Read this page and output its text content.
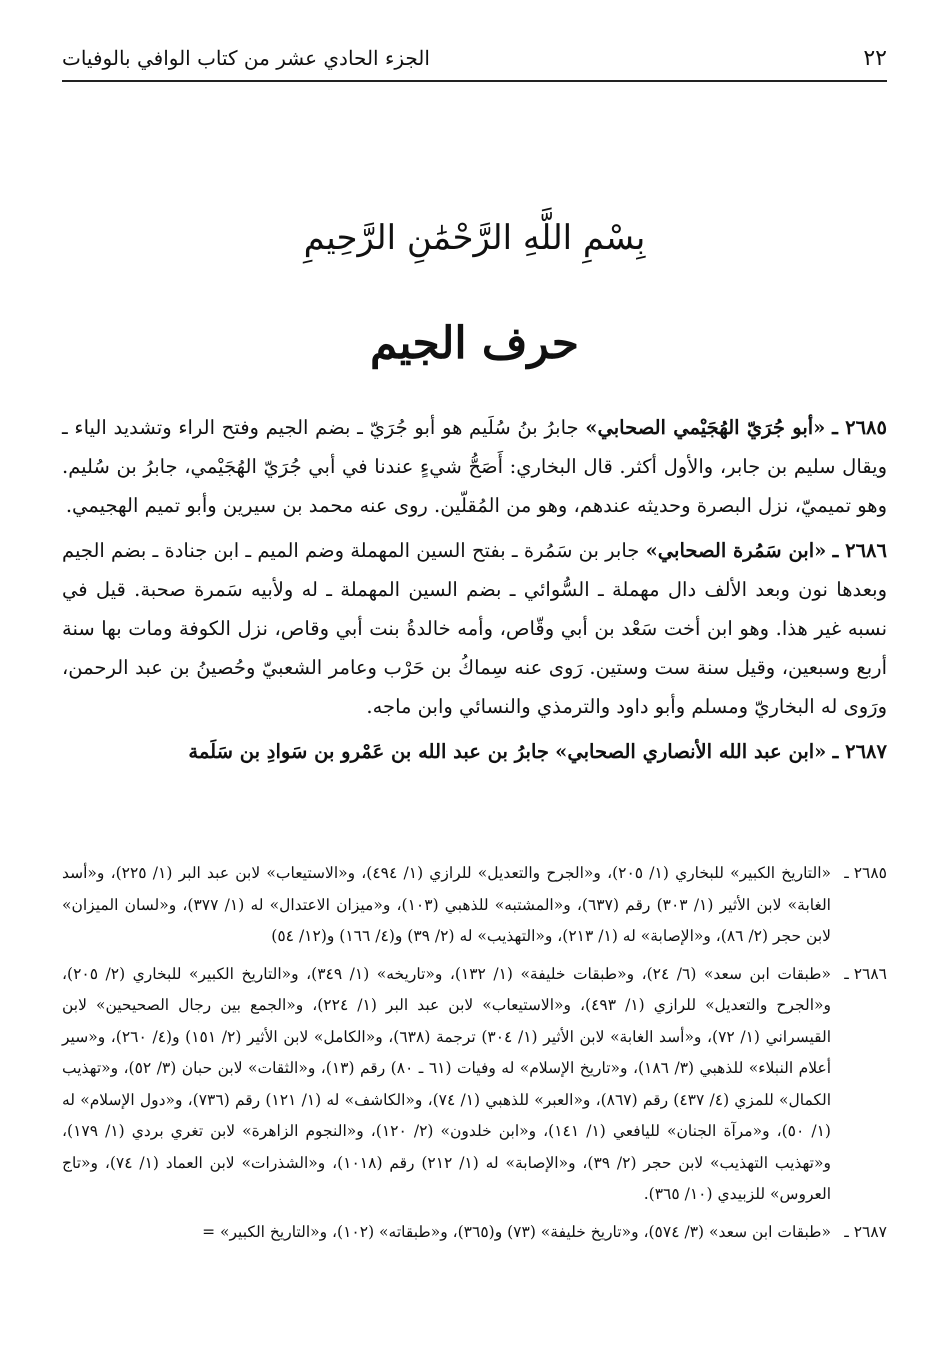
٢٢
الجزء الحادي عشر من كتاب الوافي بالوفيات
بِسْمِ اللَّهِ الرَّحْمَٰنِ الرَّحِيمِ
حرف الجيم

٢٦٨٥ ـ «أبو جُرَيّ الهُجَيْمي الصحابي» جابرُ بنُ سُلَيم هو أبو جُرَيّ ـ بضم الجيم وفتح الراء وتشديد الياء ـ ويقال سليم بن جابر، والأول أكثر. قال البخاري: أَصَحُّ شيءٍ عندنا في أبي جُرَيّ الهُجَيْمي، جابرُ بن سُليم. وهو تميميّ، نزل البصرة وحديثه عندهم، وهو من المُقلّين. روى عنه محمد بن سيرين وأبو تميم الهجيمي.

٢٦٨٦ ـ «ابن سَمُرة الصحابي» جابر بن سَمُرة ـ بفتح السين المهملة وضم الميم ـ ابن جنادة ـ بضم الجيم وبعدها نون وبعد الألف دال مهملة ـ السُّوائي ـ بضم السين المهملة ـ له ولأبيه سَمرة صحبة. قيل في نسبه غير هذا. وهو ابن أخت سَعْد بن أبي وقّاص، وأمه خالدةُ بنت أبي وقاص، نزل الكوفة ومات بها سنة أربع وسبعين، وقيل سنة ست وستين. رَوى عنه سِماكُ بن حَرْب وعامر الشعبيّ وحُصينُ بن عبد الرحمن، ورَوى له البخاريّ ومسلم وأبو داود والترمذي والنسائي وابن ماجه.

٢٦٨٧ ـ «ابن عبد الله الأنصاري الصحابي» جابرُ بن عبد الله بن عَمْرو بن سَوادِ بن سَلَمة

٢٦٨٥ ـ
«التاريخ الكبير» للبخاري (١/ ٢٠٥)، و«الجرح والتعديل» للرازي (١/ ٤٩٤)، و«الاستيعاب» لابن عبد البر (١/ ٢٢٥)، و«أسد الغابة» لابن الأثير (١/ ٣٠٣) رقم (٦٣٧)، و«المشتبه» للذهبي (١٠٣)، و«ميزان الاعتدال» له (١/ ٣٧٧)، و«لسان الميزان» لابن حجر (٢/ ٨٦)، و«الإصابة» له (١/ ٢١٣)، و«التهذيب» له (٢/ ٣٩) و(٤/ ١٦٦) و(١٢/ ٥٤)
٢٦٨٦ ـ
«طبقات ابن سعد» (٦/ ٢٤)، و«طبقات خليفة» (١/ ١٣٢)، و«تاريخه» (١/ ٣٤٩)، و«التاريخ الكبير» للبخاري (٢/ ٢٠٥)، و«الجرح والتعديل» للرازي (١/ ٤٩٣)، و«الاستيعاب» لابن عبد البر (١/ ٢٢٤)، و«الجمع بين رجال الصحيحين» لابن القيسراني (١/ ٧٢)، و«أسد الغابة» لابن الأثير (١/ ٣٠٤) ترجمة (٦٣٨)، و«الكامل» لابن الأثير (٢/ ١٥١) و(٤/ ٢٦٠)، و«سير أعلام النبلاء» للذهبي (٣/ ١٨٦)، و«تاريخ الإسلام» له وفيات (٦١ ـ ٨٠) رقم (١٣)، و«الثقات» لابن حبان (٣/ ٥٢)، و«تهذيب الكمال» للمزي (٤/ ٤٣٧) رقم (٨٦٧)، و«العبر» للذهبي (١/ ٧٤)، و«الكاشف» له (١/ ١٢١) رقم (٧٣٦)، و«دول الإسلام» له (١/ ٥٠)، و«مرآة الجنان» لليافعي (١/ ١٤١)، و«ابن خلدون» (٢/ ١٢٠)، و«النجوم الزاهرة» لابن تغري بردي (١/ ١٧٩)، و«تهذيب التهذيب» لابن حجر (٢/ ٣٩)، و«الإصابة» له (١/ ٢١٢) رقم (١٠١٨)، و«الشذرات» لابن العماد (١/ ٧٤)، و«تاج العروس» للزبيدي (١٠/ ٣٦٥).
٢٦٨٧ ـ
«طبقات ابن سعد» (٣/ ٥٧٤)، و«تاريخ خليفة» (٧٣) و(٣٦٥)، و«طبقاته» (١٠٢)، و«التاريخ الكبير» =
